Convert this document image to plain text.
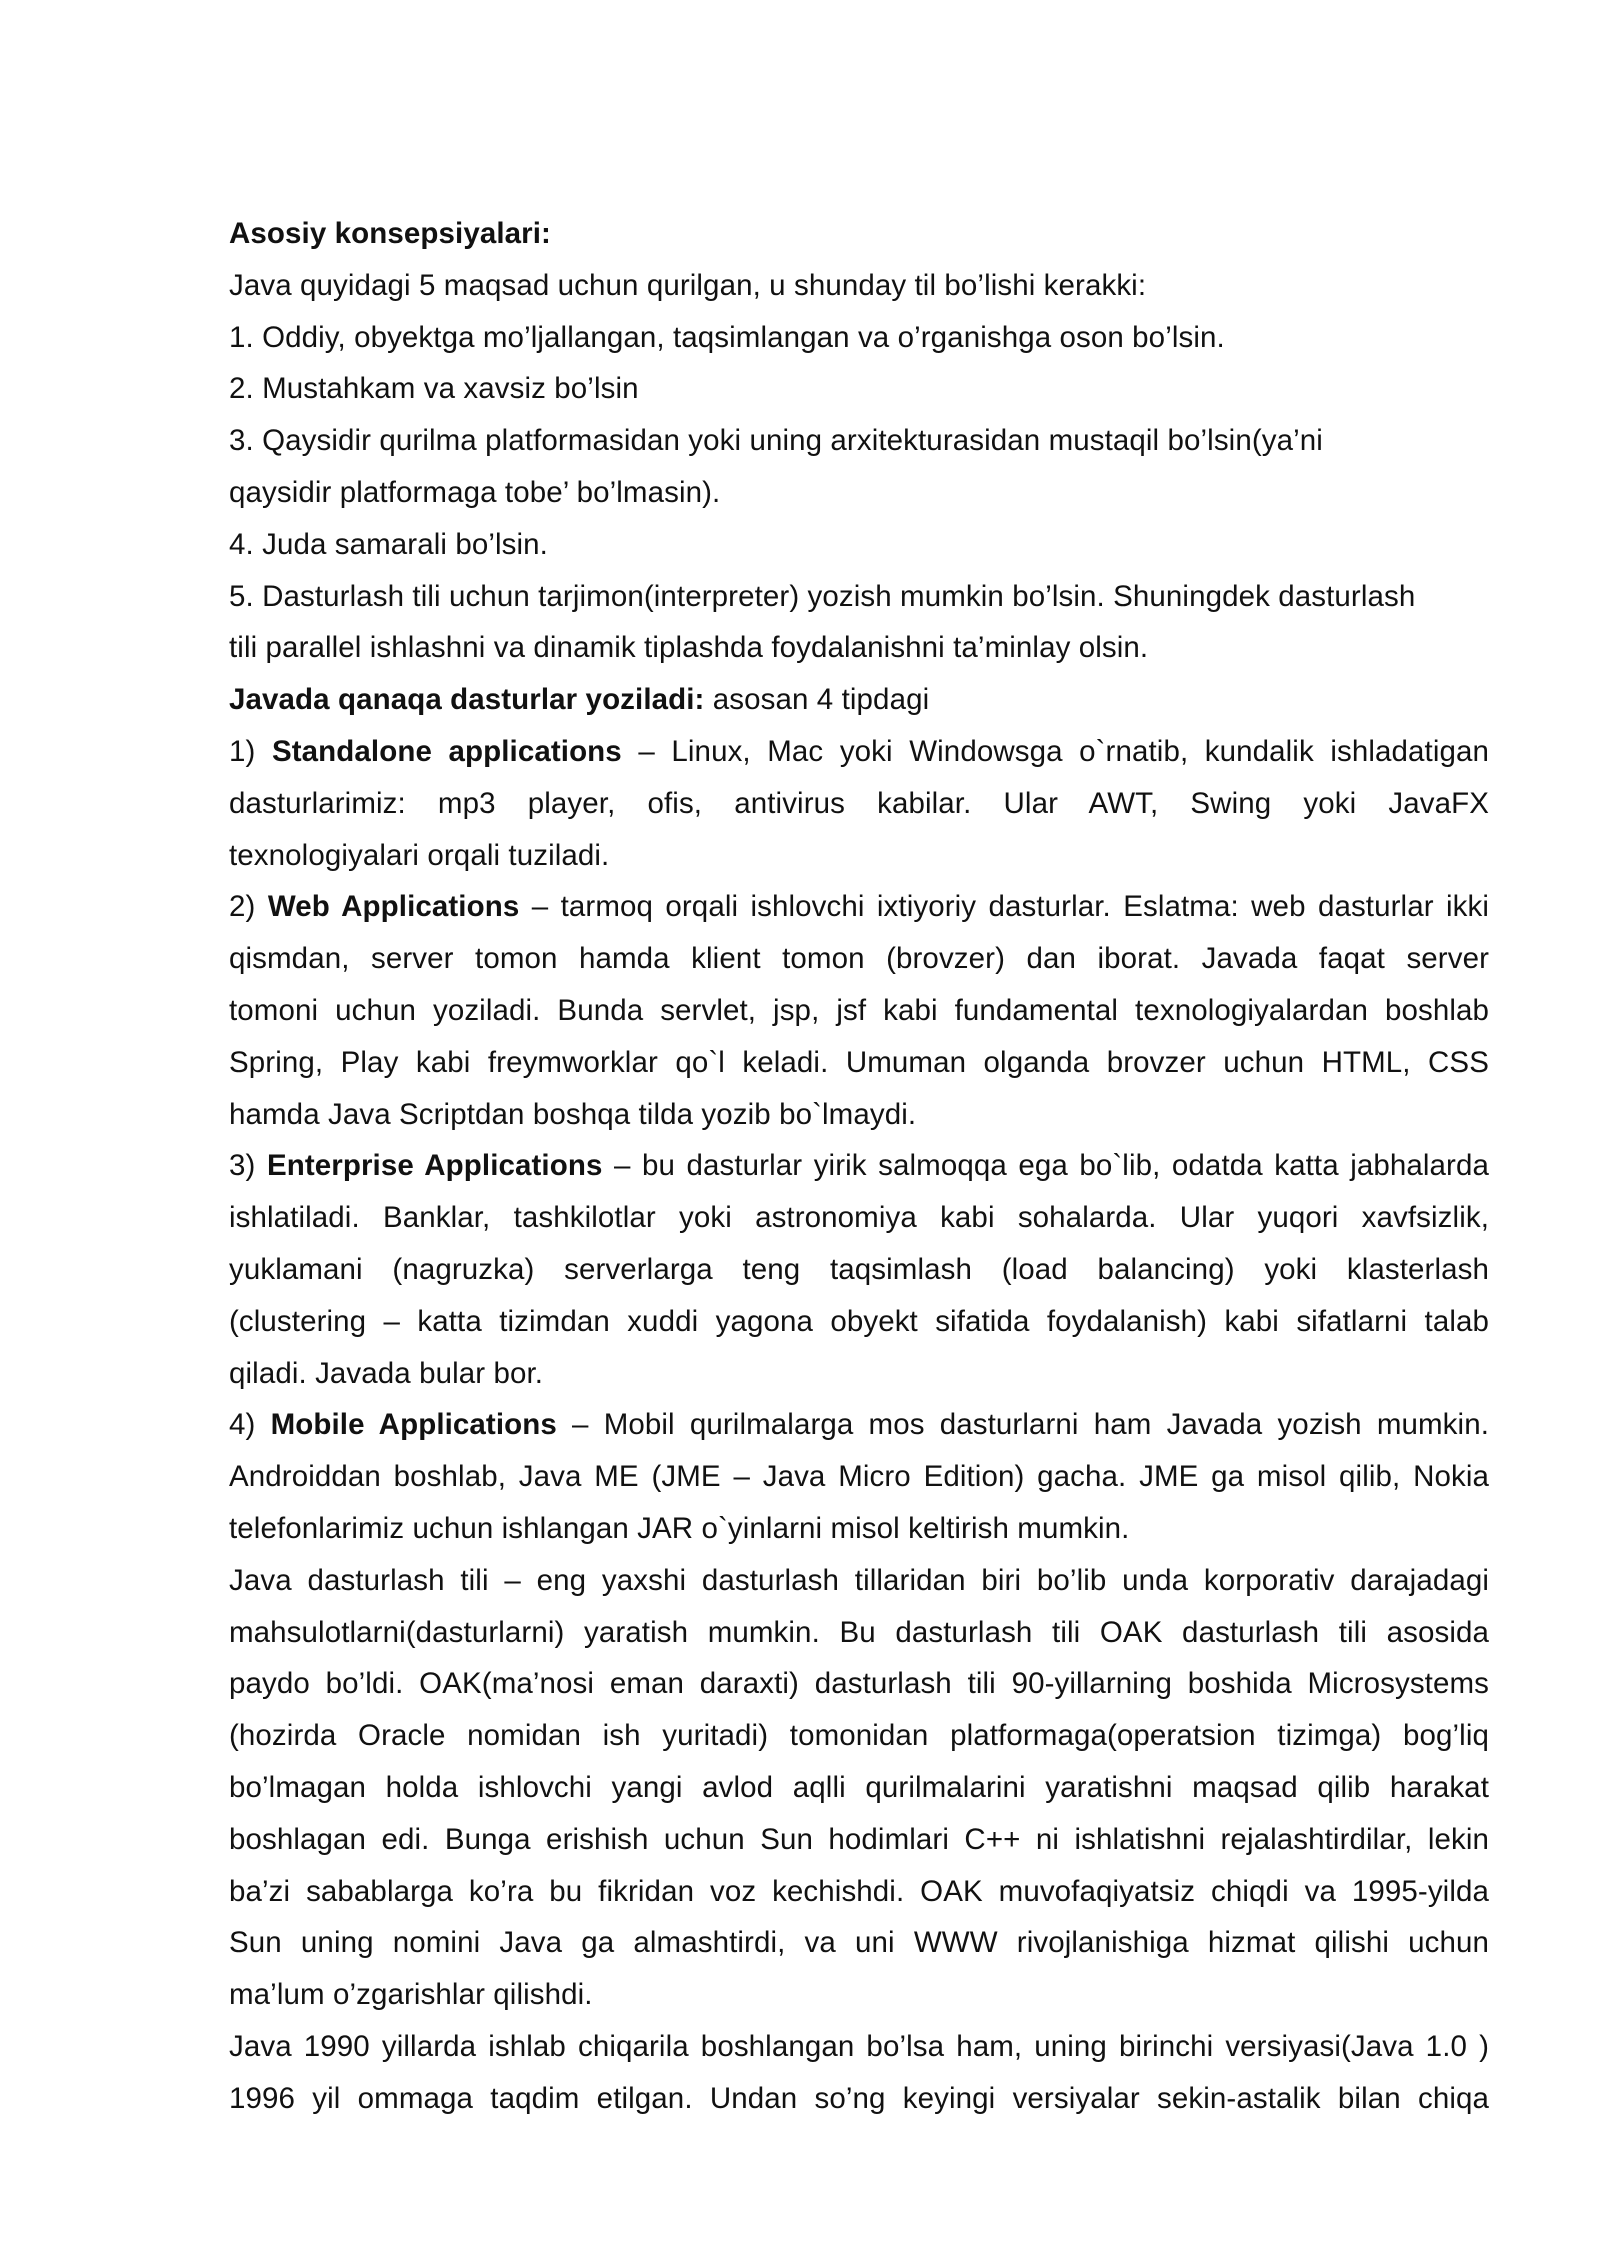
Asosiy konsepsiyalari:
Java quyidagi 5 maqsad uchun qurilgan, u shunday til bo’lishi kerakki:
1. Oddiy, obyektga mo’ljallangan, taqsimlangan va o’rganishga oson bo’lsin.
2. Mustahkam va xavsiz bo’lsin
3. Qaysidir qurilma platformasidan yoki uning arxitekturasidan mustaqil bo’lsin(ya’ni
qaysidir platformaga tobe’ bo’lmasin).
4. Juda samarali bo’lsin.
5. Dasturlash tili uchun tarjimon(interpreter) yozish mumkin bo’lsin. Shuningdek dasturlash
tili parallel ishlashni va dinamik tiplashda foydalanishni ta’minlay olsin.
Javada qanaqa dasturlar yoziladi: asosan 4 tipdagi
1) Standalone applications – Linux, Mac yoki Windowsga o`rnatib, kundalik ishladatigan
dasturlarimiz: mp3 player, ofis, antivirus kabilar. Ular AWT, Swing yoki JavaFX
texnologiyalari orqali tuziladi.
2) Web Applications – tarmoq orqali ishlovchi ixtiyoriy dasturlar. Eslatma: web dasturlar ikki
qismdan, server tomon hamda klient tomon (brovzer) dan iborat. Javada faqat server
tomoni uchun yoziladi. Bunda servlet, jsp, jsf kabi fundamental texnologiyalardan boshlab
Spring, Play kabi freymworklar qo`l keladi. Umuman olganda brovzer uchun HTML, CSS
hamda Java Scriptdan boshqa tilda yozib bo`lmaydi.
3) Enterprise Applications – bu dasturlar yirik salmoqqa ega bo`lib, odatda katta jabhalarda
ishlatiladi. Banklar, tashkilotlar yoki astronomiya kabi sohalarda. Ular yuqori xavfsizlik,
yuklamani (nagruzka) serverlarga teng taqsimlash (load balancing) yoki klasterlash
(clustering – katta tizimdan xuddi yagona obyekt sifatida foydalanish) kabi sifatlarni talab
qiladi. Javada bular bor.
4) Mobile Applications – Mobil qurilmalarga mos dasturlarni ham Javada yozish mumkin.
Androiddan boshlab, Java ME (JME – Java Micro Edition) gacha. JME ga misol qilib, Nokia
telefonlarimiz uchun ishlangan JAR o`yinlarni misol keltirish mumkin.
Java dasturlash tili – eng yaxshi dasturlash tillaridan biri bo’lib unda korporativ darajadagi
mahsulotlarni(dasturlarni) yaratish mumkin. Bu dasturlash tili OAK dasturlash tili asosida
paydo bo’ldi. OAK(ma’nosi eman daraxti) dasturlash tili 90-yillarning boshida Microsystems
(hozirda Oracle nomidan ish yuritadi) tomonidan platformaga(operatsion tizimga) bog’liq
bo’lmagan holda ishlovchi yangi avlod aqlli qurilmalarini yaratishni maqsad qilib harakat
boshlagan edi. Bunga erishish uchun Sun hodimlari C++ ni ishlatishni rejalashtirdilar, lekin
ba’zi sabablarga ko’ra bu fikridan voz kechishdi. OAK muvofaqiyatsiz chiqdi va 1995-yilda
Sun uning nomini Java ga almashtirdi, va uni WWW rivojlanishiga hizmat qilishi uchun
ma’lum o’zgarishlar qilishdi.
Java 1990 yillarda ishlab chiqarila boshlangan bo’lsa ham, uning birinchi versiyasi(Java 1.0 )
1996 yil ommaga taqdim etilgan. Undan so’ng keyingi versiyalar sekin-astalik bilan chiqa
